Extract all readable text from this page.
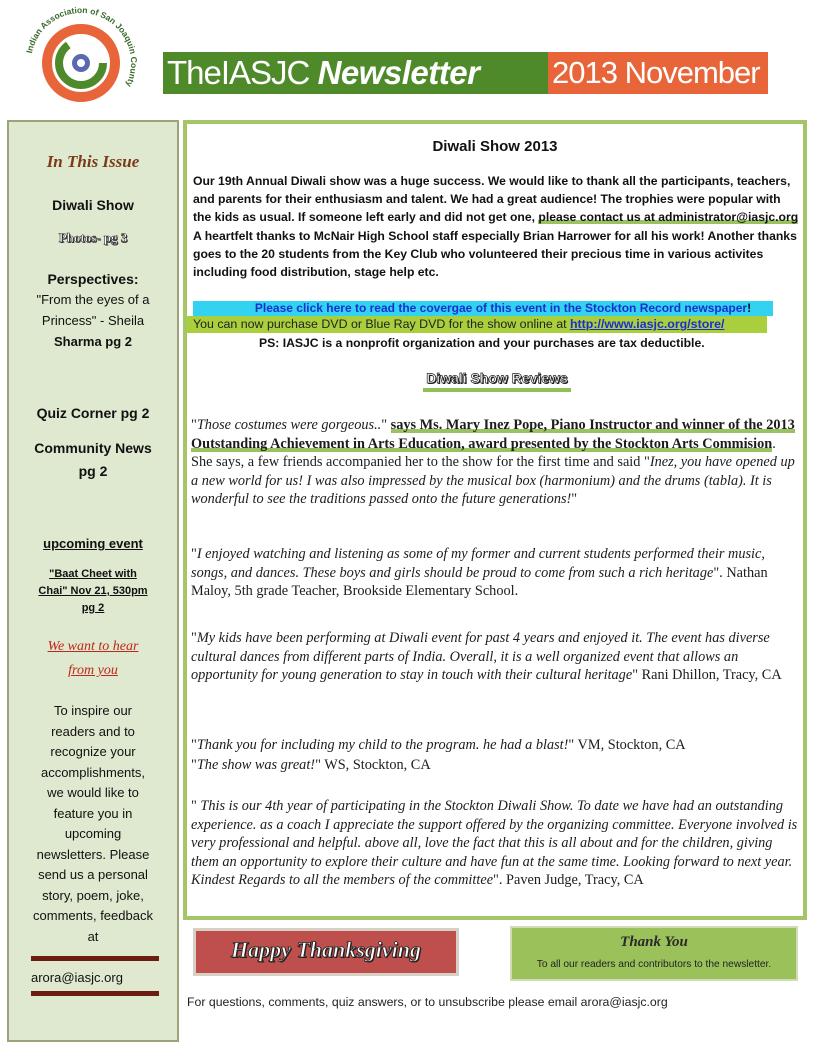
Indian Association of San Joaquin County TheIASJC Newsletter	2013 November
In This Issue
Diwali Show
Photos- pg 3
Perspectives:
"From the eyes of a
Princess" - Sheila
Sharma pg 2
Quiz Corner pg 2
Community News
pg 2
upcoming event
"Baat Cheet with
Chai" Nov 21, 530pm
pg 2
We want to hear
from you
To inspire our
readers and to
recognize your
accomplishments,
we would like to
feature you in
upcoming
newsletters. Please
send us a personal
story, poem, joke,
comments, feedback
at
arora@iasjc.org
Diwali Show 2013
Our 19th Annual Diwali show was a huge success. We would like to thank all the participants, teachers, and parents for their enthusiasm and talent. We had a great audience! The trophies were popular with the kids as usual. If someone left early and did not get one, please contact us at administrator@iasjc.org
A heartfelt thanks to McNair High School staff especially Brian Harrower for all his work! Another thanks goes to the 20 students from the Key Club who volunteered their precious time in various activites including food distribution, stage help etc.
Please click here to read the covergae of this event in the Stockton Record newspaper!
You can now purchase DVD or Blue Ray DVD for the show online at http://www.iasjc.org/store/
PS: IASJC is a nonprofit organization and your purchases are tax deductible.
Diwali Show Reviews
"Those costumes were gorgeous.." says Ms. Mary Inez Pope, Piano Instructor and winner of the 2013 Outstanding Achievement in Arts Education, award presented by the Stockton Arts Commision. She says, a few friends accompanied her to the show for the first time and said "Inez, you have opened up a new world for us! I was also impressed by the musical box (harmonium) and the drums (tabla). It is wonderful to see the traditions passed onto the future generations!"
"I enjoyed watching and listening as some of my former and current students performed their music, songs, and dances. These boys and girls should be proud to come from such a rich heritage". Nathan Maloy, 5th grade Teacher, Brookside Elementary School.
"My kids have been performing at Diwali event for past 4 years and enjoyed it. The event has diverse cultural dances from different parts of India. Overall, it is a well organized event that allows an opportunity for young generation to stay in touch with their cultural heritage" Rani Dhillon, Tracy, CA
"Thank you for including my child to the program. he had a blast!" VM, Stockton, CA
"The show was great!" WS, Stockton, CA
" This is our 4th year of participating in the Stockton Diwali Show. To date we have had an outstanding experience. as a coach I appreciate the support offered by the organizing committee. Everyone involved is very professional and helpful. above all, love the fact that this is all about and for the children, giving them an opportunity to explore their culture and have fun at the same time. Looking forward to next year. Kindest Regards to all the members of the committee". Paven Judge, Tracy, CA
Happy Thanksgiving	Thank You
To all our readers and contributors to the newsletter.
For questions, comments, quiz answers, or to unsubscribe please email arora@iasjc.org
